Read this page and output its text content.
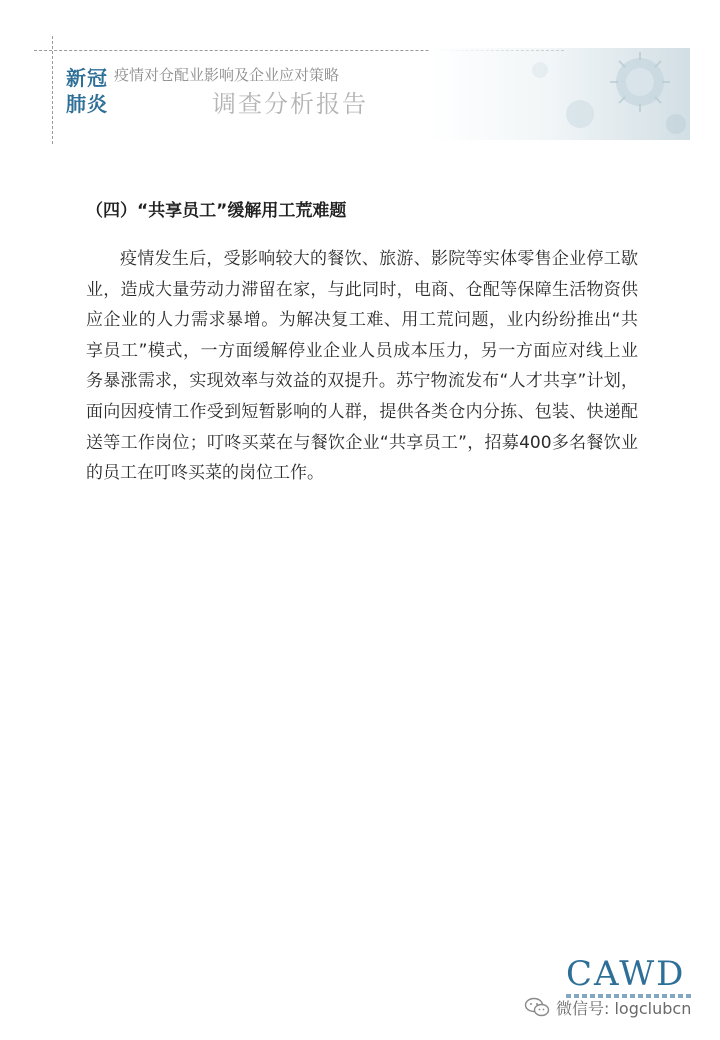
新冠
肺炎
疫情对仓配业影响及企业应对策略
调查分析报告
（四）“共享员工”缓解用工荒难题

疫情发生后，受影响较大的餐饮、旅游、影院等实体零售企业停工歇业，造成大量劳动力滞留在家，与此同时，电商、仓配等保障生活物资供应企业的人力需求暴增。为解决复工难、用工荒问题，业内纷纷推出“共享员工”模式，一方面缓解停业企业人员成本压力，另一方面应对线上业务暴涨需求，实现效率与效益的双提升。苏宁物流发布“人才共享”计划，面向因疫情工作受到短暂影响的人群，提供各类仓内分拣、包装、快递配送等工作岗位；叮咚买菜在与餐饮企业“共享员工”，招募400多名餐饮业的员工在叮咚买菜的岗位工作。

CAWD
微信号: logclubcn
